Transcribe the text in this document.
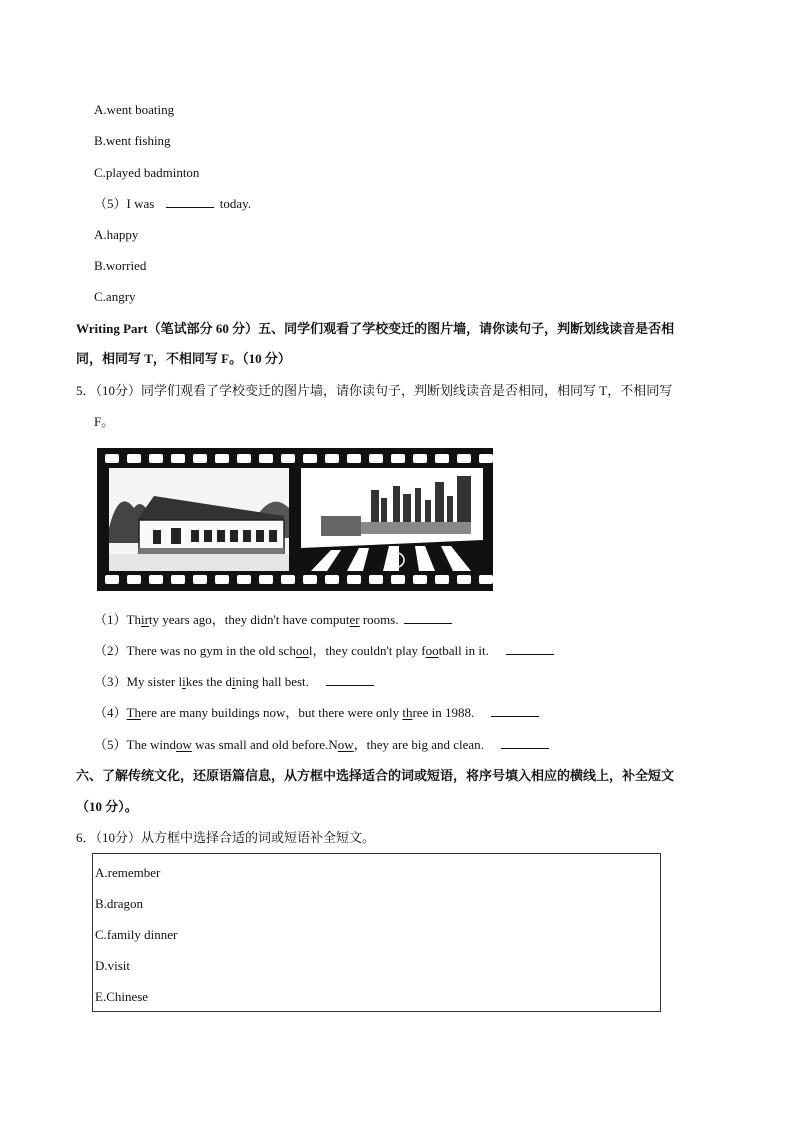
A.went boating
B.went fishing
C.played badminton
（5）I was	today.
A.happy
B.worried
C.angry
Writing Part（笔试部分 60 分）五、同学们观看了学校变迁的图片墙，请你读句子，判断划线读音是否相
同，相同写 T，不相同写 F。（10 分）
5．（10分）同学们观看了学校变迁的图片墙，请你读句子，判断划线读音是否相同，相同写 T，不相同写
F。
（1）Thirty years ago，they didn't have computer rooms.
（2）There was no gym in the old school，they couldn't play football in it.
（3）My sister likes the dining hall best.
（4）There are many buildings now，but there were only three in 1988.
（5）The window was small and old before.Now，they are big and clean.
六、了解传统文化，还原语篇信息，从方框中选择适合的词或短语，将序号填入相应的横线上，补全短文
（10 分）。
6．（10分）从方框中选择合适的词或短语补全短文。
A.remember
B.dragon
C.family dinner
D.visit
E.Chinese
